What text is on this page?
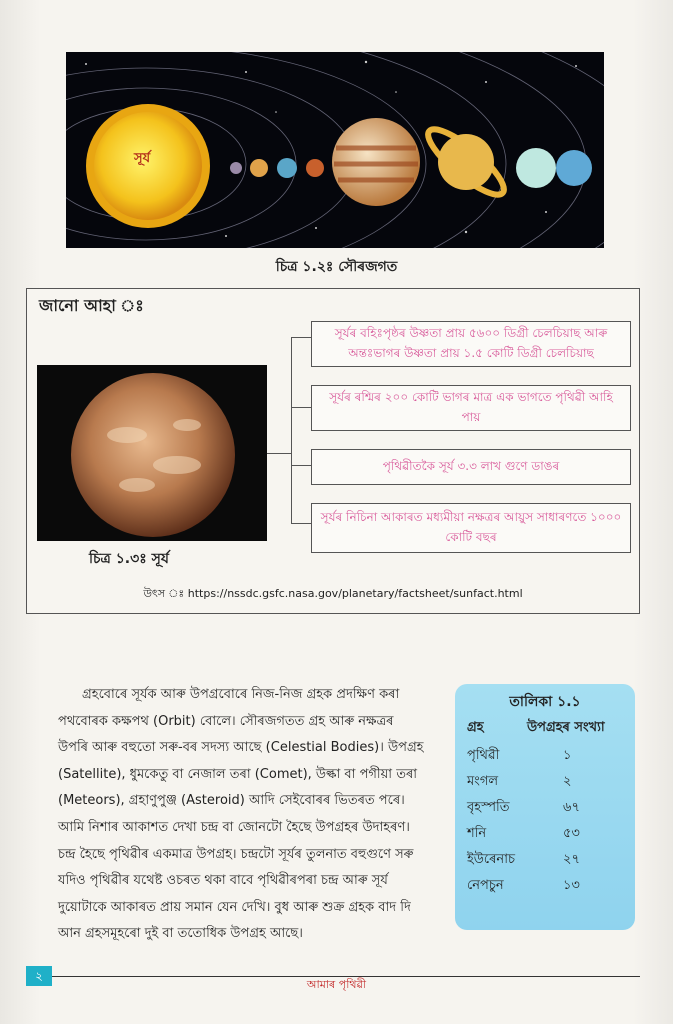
সূৰ্য
চিত্ৰ ১.২ঃ সৌৰজগত
জানো আহা ঃ
চিত্ৰ ১.৩ঃ সূৰ্য
সূৰ্যৰ বহিঃপৃষ্ঠৰ উষ্ণতা প্ৰায় ৫৬০০ ডিগ্ৰী চেলচিয়াছ আৰু অন্তঃভাগৰ উষ্ণতা প্ৰায় ১.৫ কোটি ডিগ্ৰী চেলচিয়াছ
সূৰ্যৰ ৰশ্মিৰ ২০০ কোটি ভাগৰ মাত্ৰ এক ভাগতে পৃথিৱী আহি পায়
পৃথিৱীতকৈ সূৰ্য ৩.৩ লাখ গুণে ডাঙৰ
সূৰ্যৰ নিচিনা আকাৰত মধ্যমীয়া নক্ষত্ৰৰ আয়ুস সাধাৰণতে ১০০০ কোটি বছৰ
উৎস ঃ https://nssdc.gsfc.nasa.gov/planetary/factsheet/sunfact.html
গ্ৰহবোৰে সূৰ্যক আৰু উপগ্ৰবোৰে নিজ-নিজ গ্ৰহক প্ৰদক্ষিণ কৰা
পথবোৰক কক্ষপথ (Orbit) বোলে। সৌৰজগতত গ্ৰহ আৰু নক্ষত্ৰৰ
উপৰি আৰু বহুতো সৰু-বৰ সদস্য আছে (Celestial Bodies)। উপগ্ৰহ
(Satellite), ধুমকেতু বা নেজাল তৰা (Comet), উল্কা বা পগীয়া তৰা
(Meteors), গ্ৰহাণুপুঞ্জ (Asteroid) আদি সেইবোৰৰ ভিতৰত পৰে।
আমি নিশাৰ আকাশত দেখা চন্দ্ৰ বা জোনটো হৈছে উপগ্ৰহৰ উদাহৰণ।
চন্দ্ৰ হৈছে পৃথিৱীৰ একমাত্ৰ উপগ্ৰহ। চন্দ্ৰটো সূৰ্যৰ তুলনাত বহুগুণে সৰু
যদিও পৃথিৱীৰ যথেষ্ট ওচৰত থকা বাবে পৃথিৱীৰপৰা চন্দ্ৰ আৰু সূৰ্য
দুয়োটাকে আকাৰত প্ৰায় সমান যেন দেখি। বুধ আৰু শুক্ৰ গ্ৰহক বাদ দি
আন গ্ৰহসমূহৰো দুই বা ততোধিক উপগ্ৰহ আছে।
তালিকা ১.১
গ্ৰহ	উপগ্ৰহৰ সংখ্যা
পৃথিৱী	১
মংগল	২
বৃহস্পতি	৬৭
শনি	৫৩
ইউৰেনাচ	২৭
নেপচুন	১৩
২
আমাৰ পৃথিৱী
